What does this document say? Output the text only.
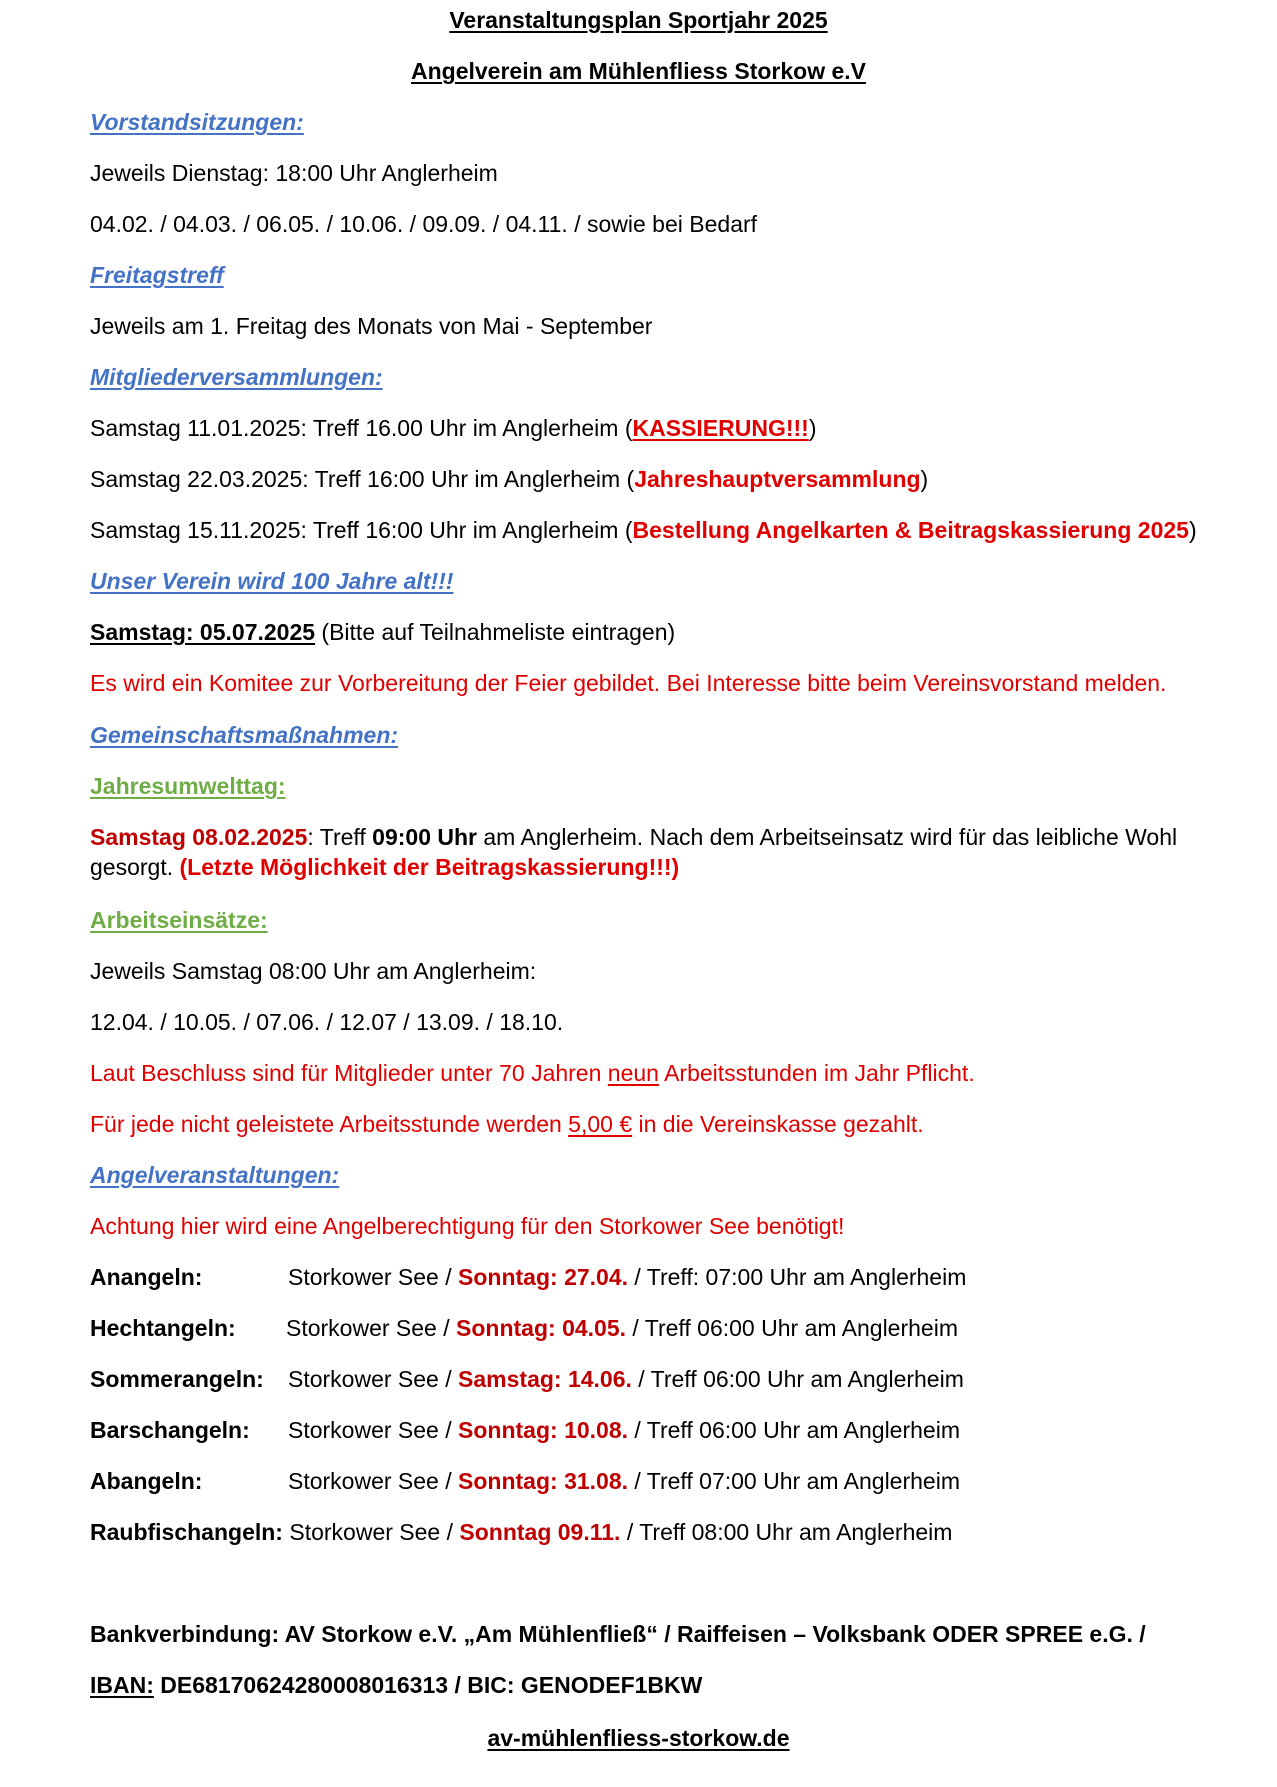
Veranstaltungsplan Sportjahr 2025
Angelverein am Mühlenfliess Storkow e.V
Vorstandsitzungen:
Jeweils Dienstag: 18:00 Uhr Anglerheim
04.02. / 04.03. / 06.05. / 10.06. / 09.09. / 04.11. / sowie bei Bedarf
Freitagstreff
Jeweils am 1. Freitag des Monats von Mai - September
Mitgliederversammlungen:
Samstag 11.01.2025: Treff 16.00 Uhr im Anglerheim (KASSIERUNG!!!)
Samstag 22.03.2025: Treff 16:00 Uhr im Anglerheim (Jahreshauptversammlung)
Samstag 15.11.2025: Treff 16:00 Uhr im Anglerheim (Bestellung Angelkarten & Beitragskassierung 2025)
Unser Verein wird 100 Jahre alt!!!
Samstag: 05.07.2025 (Bitte auf Teilnahmeliste eintragen)
Es wird ein Komitee zur Vorbereitung der Feier gebildet. Bei Interesse bitte beim Vereinsvorstand melden.
Gemeinschaftsmaßnahmen:
Jahresumwelttag:
Samstag 08.02.2025: Treff 09:00 Uhr am Anglerheim. Nach dem Arbeitseinsatz wird für das leibliche Wohl gesorgt. (Letzte Möglichkeit der Beitragskassierung!!!)
Arbeitseinsätze:
Jeweils Samstag 08:00 Uhr am Anglerheim:
12.04. / 10.05. / 07.06. / 12.07 / 13.09. / 18.10.
Laut Beschluss sind für Mitglieder unter 70 Jahren neun Arbeitsstunden im Jahr Pflicht.
Für jede nicht geleistete Arbeitsstunde werden 5,00 € in die Vereinskasse gezahlt.
Angelveranstaltungen:
Achtung hier wird eine Angelberechtigung für den Storkower See benötigt!
Anangeln:	Storkower See / Sonntag: 27.04. / Treff: 07:00 Uhr am Anglerheim
Hechtangeln: Storkower See / Sonntag: 04.05. / Treff 06:00 Uhr am Anglerheim
Sommerangeln: Storkower See / Samstag: 14.06. / Treff 06:00 Uhr am Anglerheim
Barschangeln: Storkower See / Sonntag: 10.08. / Treff 06:00 Uhr am Anglerheim
Abangeln:	Storkower See / Sonntag: 31.08. / Treff 07:00 Uhr am Anglerheim
Raubfischangeln: Storkower See / Sonntag 09.11. / Treff 08:00 Uhr am Anglerheim
Bankverbindung: AV Storkow e.V. „Am Mühlenfließ“ / Raiffeisen – Volksbank ODER SPREE e.G. /
IBAN: DE68170624280008016313 / BIC: GENODEF1BKW
av-mühlenfliess-storkow.de
